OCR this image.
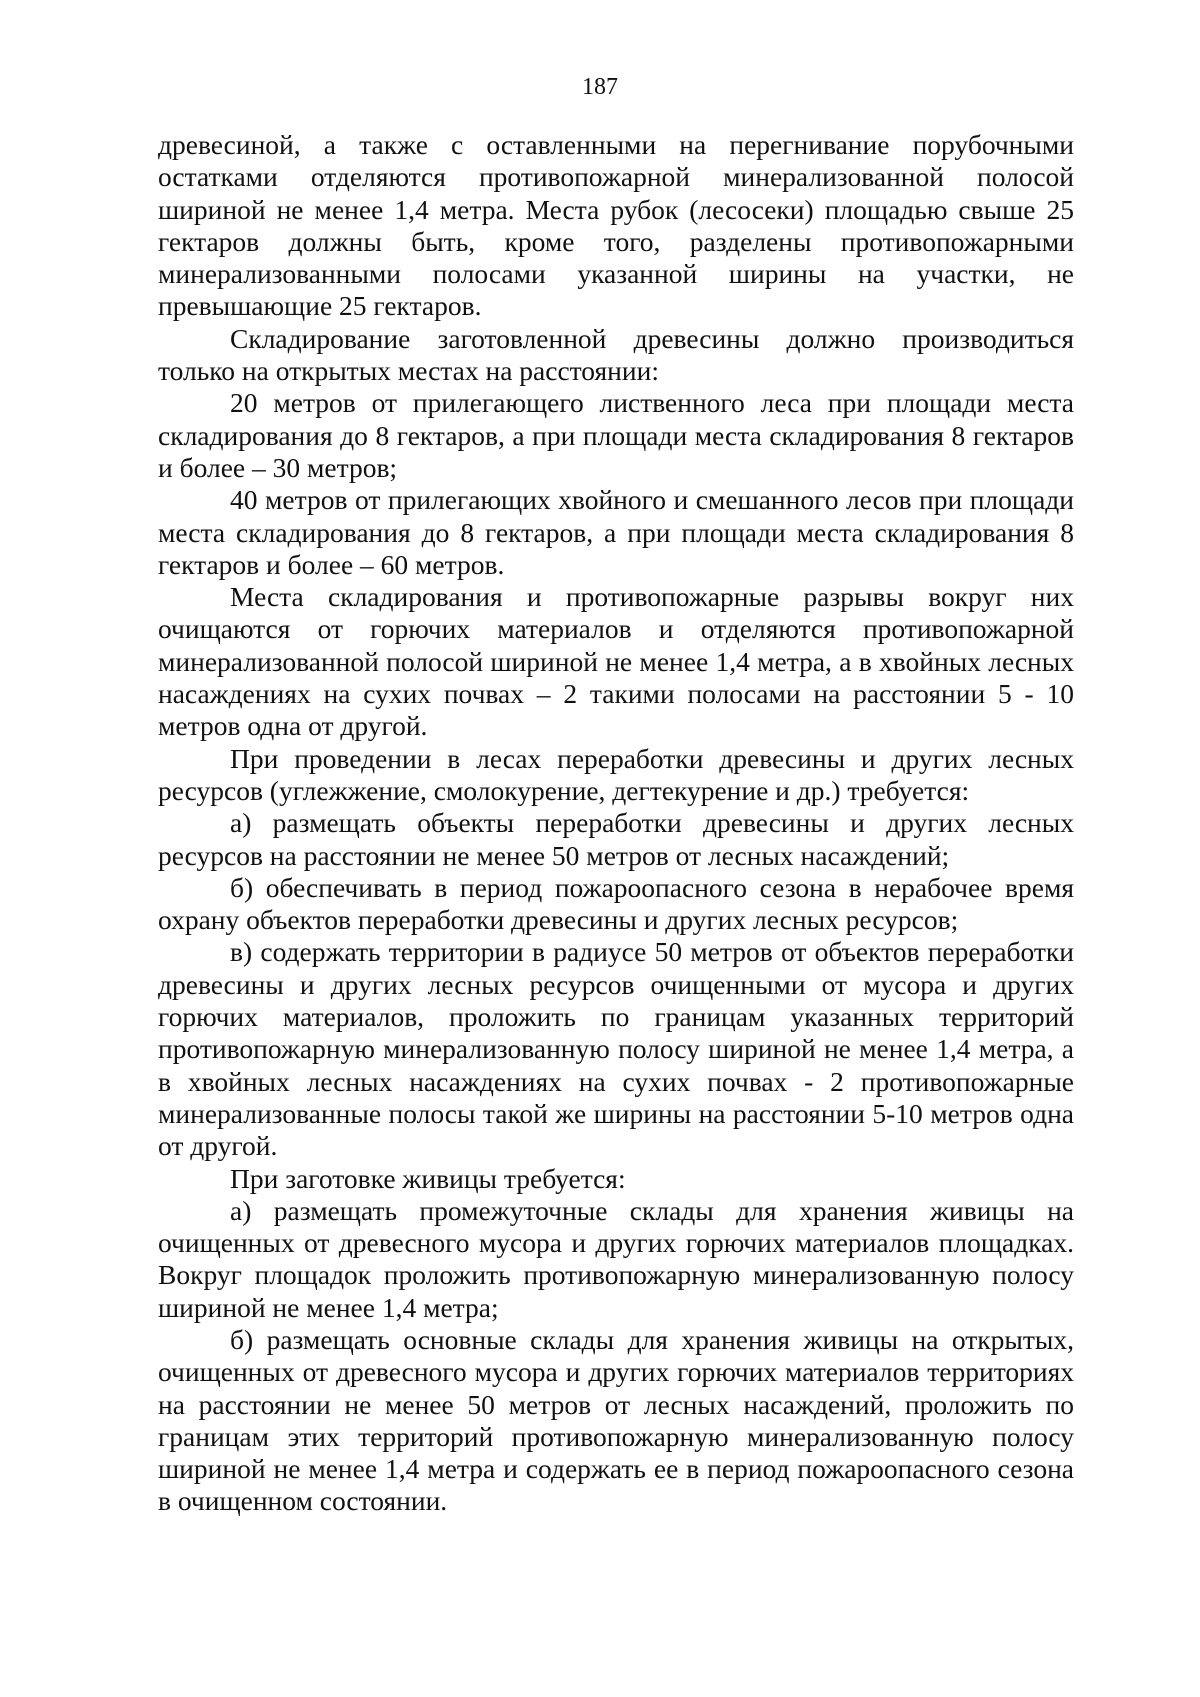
187

древесиной, а также с оставленными на перегнивание порубочными остатками отделяются противопожарной минерализованной полосой шириной не менее 1,4 метра. Места рубок (лесосеки) площадью свыше 25 гектаров должны быть, кроме того, разделены противопожарными минерализованными полосами указанной ширины на участки, не превышающие 25 гектаров.

Складирование заготовленной древесины должно производиться только на открытых местах на расстоянии:

20 метров от прилегающего лиственного леса при площади места складирования до 8 гектаров, а при площади места складирования 8 гектаров и более – 30 метров;

40 метров от прилегающих хвойного и смешанного лесов при площади места складирования до 8 гектаров, а при площади места складирования 8 гектаров и более – 60 метров.

Места складирования и противопожарные разрывы вокруг них очищаются от горючих материалов и отделяются противопожарной минерализованной полосой шириной не менее 1,4 метра, а в хвойных лесных насаждениях на сухих почвах – 2 такими полосами на расстоянии 5 - 10 метров одна от другой.

При проведении в лесах переработки древесины и других лесных ресурсов (углежжение, смолокурение, дегтекурение и др.) требуется:

а) размещать объекты переработки древесины и других лесных ресурсов на расстоянии не менее 50 метров от лесных насаждений;

б) обеспечивать в период пожароопасного сезона в нерабочее время охрану объектов переработки древесины и других лесных ресурсов;

в) содержать территории в радиусе 50 метров от объектов переработки древесины и других лесных ресурсов очищенными от мусора и других горючих материалов, проложить по границам указанных территорий противопожарную минерализованную полосу шириной не менее 1,4 метра, а в хвойных лесных насаждениях на сухих почвах - 2 противопожарные минерализованные полосы такой же ширины на расстоянии 5-10 метров одна от другой.

При заготовке живицы требуется:

а) размещать промежуточные склады для хранения живицы на очищенных от древесного мусора и других горючих материалов площадках. Вокруг площадок проложить противопожарную минерализованную полосу шириной не менее 1,4 метра;

б) размещать основные склады для хранения живицы на открытых, очищенных от древесного мусора и других горючих материалов территориях на расстоянии не менее 50 метров от лесных насаждений, проложить по границам этих территорий противопожарную минерализованную полосу шириной не менее 1,4 метра и содержать ее в период пожароопасного сезона в очищенном состоянии.
